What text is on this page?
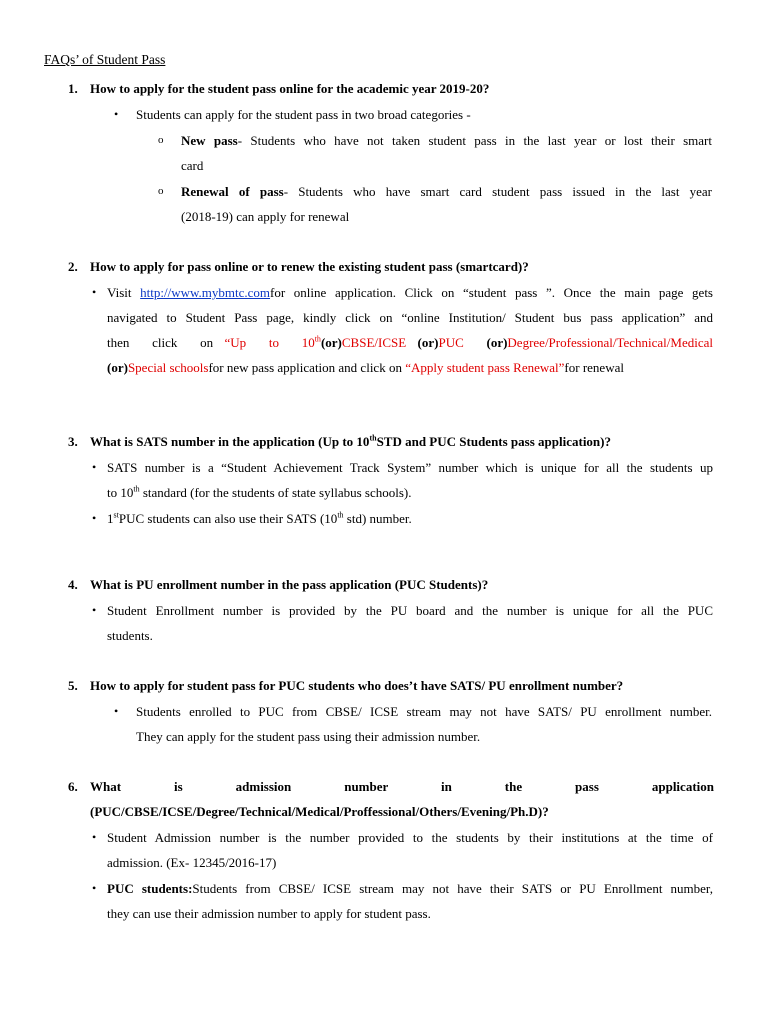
FAQs’ of Student Pass
1. How to apply for the student pass online for the academic year 2019-20?
• Students can apply for the student pass in two broad categories -
o New pass- Students who have not taken student pass in the last year or lost their smart
card
o Renewal of pass- Students who have smart card student pass issued in the last year
(2018-19) can apply for renewal
2. How to apply for pass online or to renew the existing student pass (smartcard)?
• Visit http://www.mybmtc.comfor online application. Click on “student pass ”. Once the main page gets
navigated to Student Pass page, kindly click on “online Institution/ Student bus pass application” and
then  click  on “Up  to  10th(or)CBSE/ICSE (or)PUC  (or)Degree/Professional/Technical/Medical
(or)Special schoolsfor new pass application and click on “Apply student pass Renewal”for renewal
3. What is SATS number in the application (Up to 10thSTD and PUC Students pass application)?
• SATS number is a “Student Achievement Track System” number which is unique for all the students up
to 10th standard (for the students of state syllabus schools).
• 1stPUC students can also use their SATS (10th std) number.
4. What is PU enrollment number in the pass application (PUC Students)?
• Student Enrollment number is provided by the PU board and the number is unique for all the PUC
students.
5. How to apply for student pass for PUC students who does’t have SATS/ PU enrollment number?
• Students enrolled to PUC from CBSE/ ICSE stream may not have SATS/ PU enrollment number.
They can apply for the student pass using their admission number.
6. What  is  admission  number  in  the  pass  application
(PUC/CBSE/ICSE/Degree/Technical/Medical/Proffessional/Others/Evening/Ph.D)?
• Student Admission number is the number provided to the students by their institutions at the time of
admission. (Ex- 12345/2016-17)
• PUC students:Students from CBSE/ ICSE stream may not have their SATS or PU Enrollment number,
they can use their admission number to apply for student pass.
